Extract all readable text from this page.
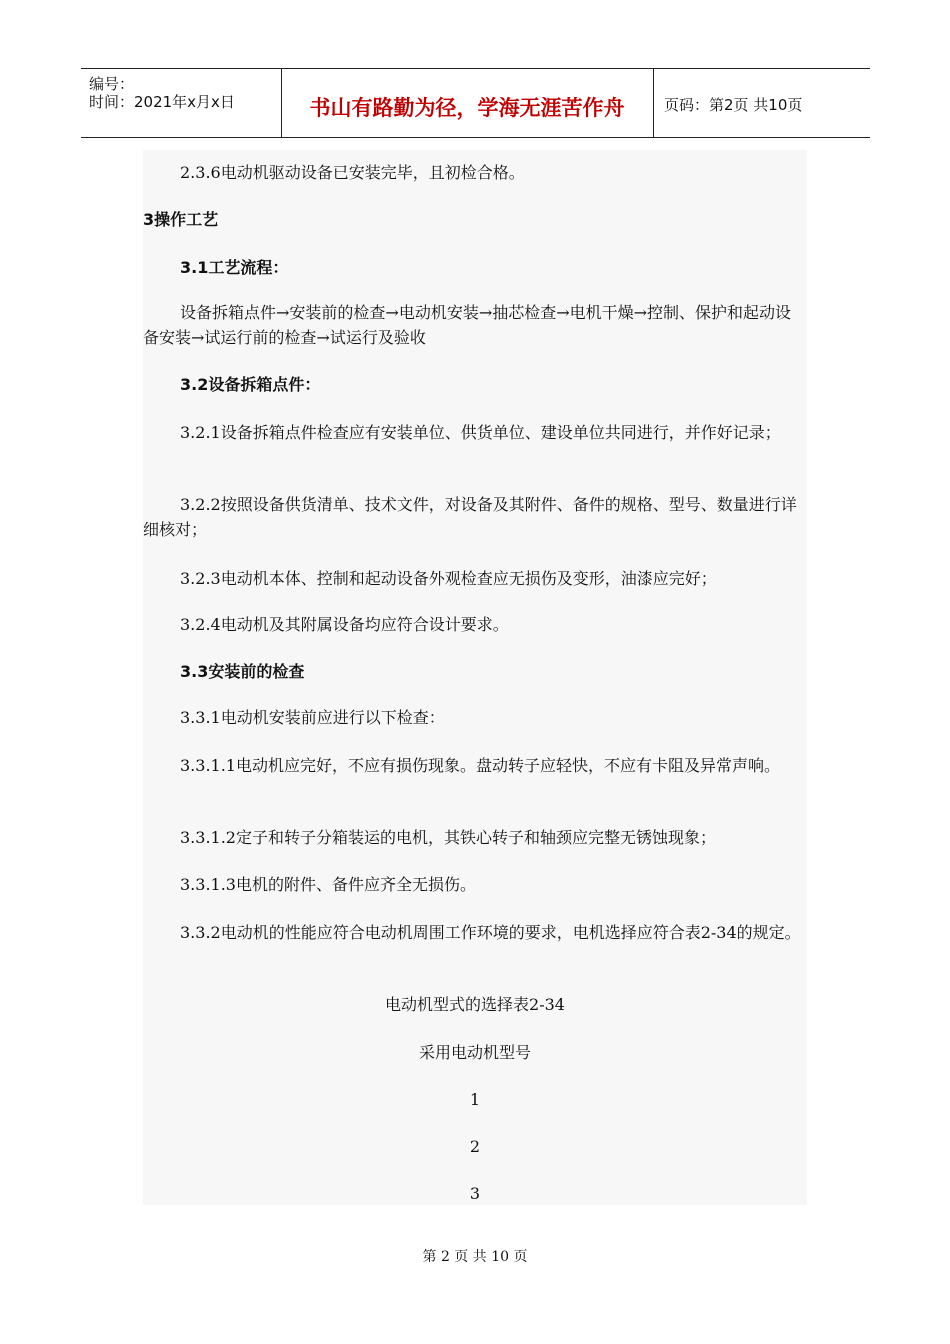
编号：
时间：2021年x月x日	书山有路勤为径，学海无涯苦作舟	页码：第2页 共10页

2.3.6电动机驱动设备已安装完毕，且初检合格。

3操作工艺

3.1工艺流程：

设备拆箱点件→安装前的检查→电动机安装→抽芯检查→电机干燥→控制、保护和起动设备安装→试运行前的检查→试运行及验收

3.2设备拆箱点件：

3.2.1设备拆箱点件检查应有安装单位、供货单位、建设单位共同进行，并作好记录；

3.2.2按照设备供货清单、技术文件，对设备及其附件、备件的规格、型号、数量进行详细核对；

3.2.3电动机本体、控制和起动设备外观检查应无损伤及变形，油漆应完好；

3.2.4电动机及其附属设备均应符合设计要求。

3.3安装前的检查

3.3.1电动机安装前应进行以下检查：

3.3.1.1电动机应完好，不应有损伤现象。盘动转子应轻快，不应有卡阻及异常声响。

3.3.1.2定子和转子分箱装运的电机，其铁心转子和轴颈应完整无锈蚀现象；

3.3.1.3电机的附件、备件应齐全无损伤。

3.3.2电动机的性能应符合电动机周围工作环境的要求，电机选择应符合表2-34的规定。

电动机型式的选择表2-34

采用电动机型号

1

2

3

第 2 页 共 10 页
